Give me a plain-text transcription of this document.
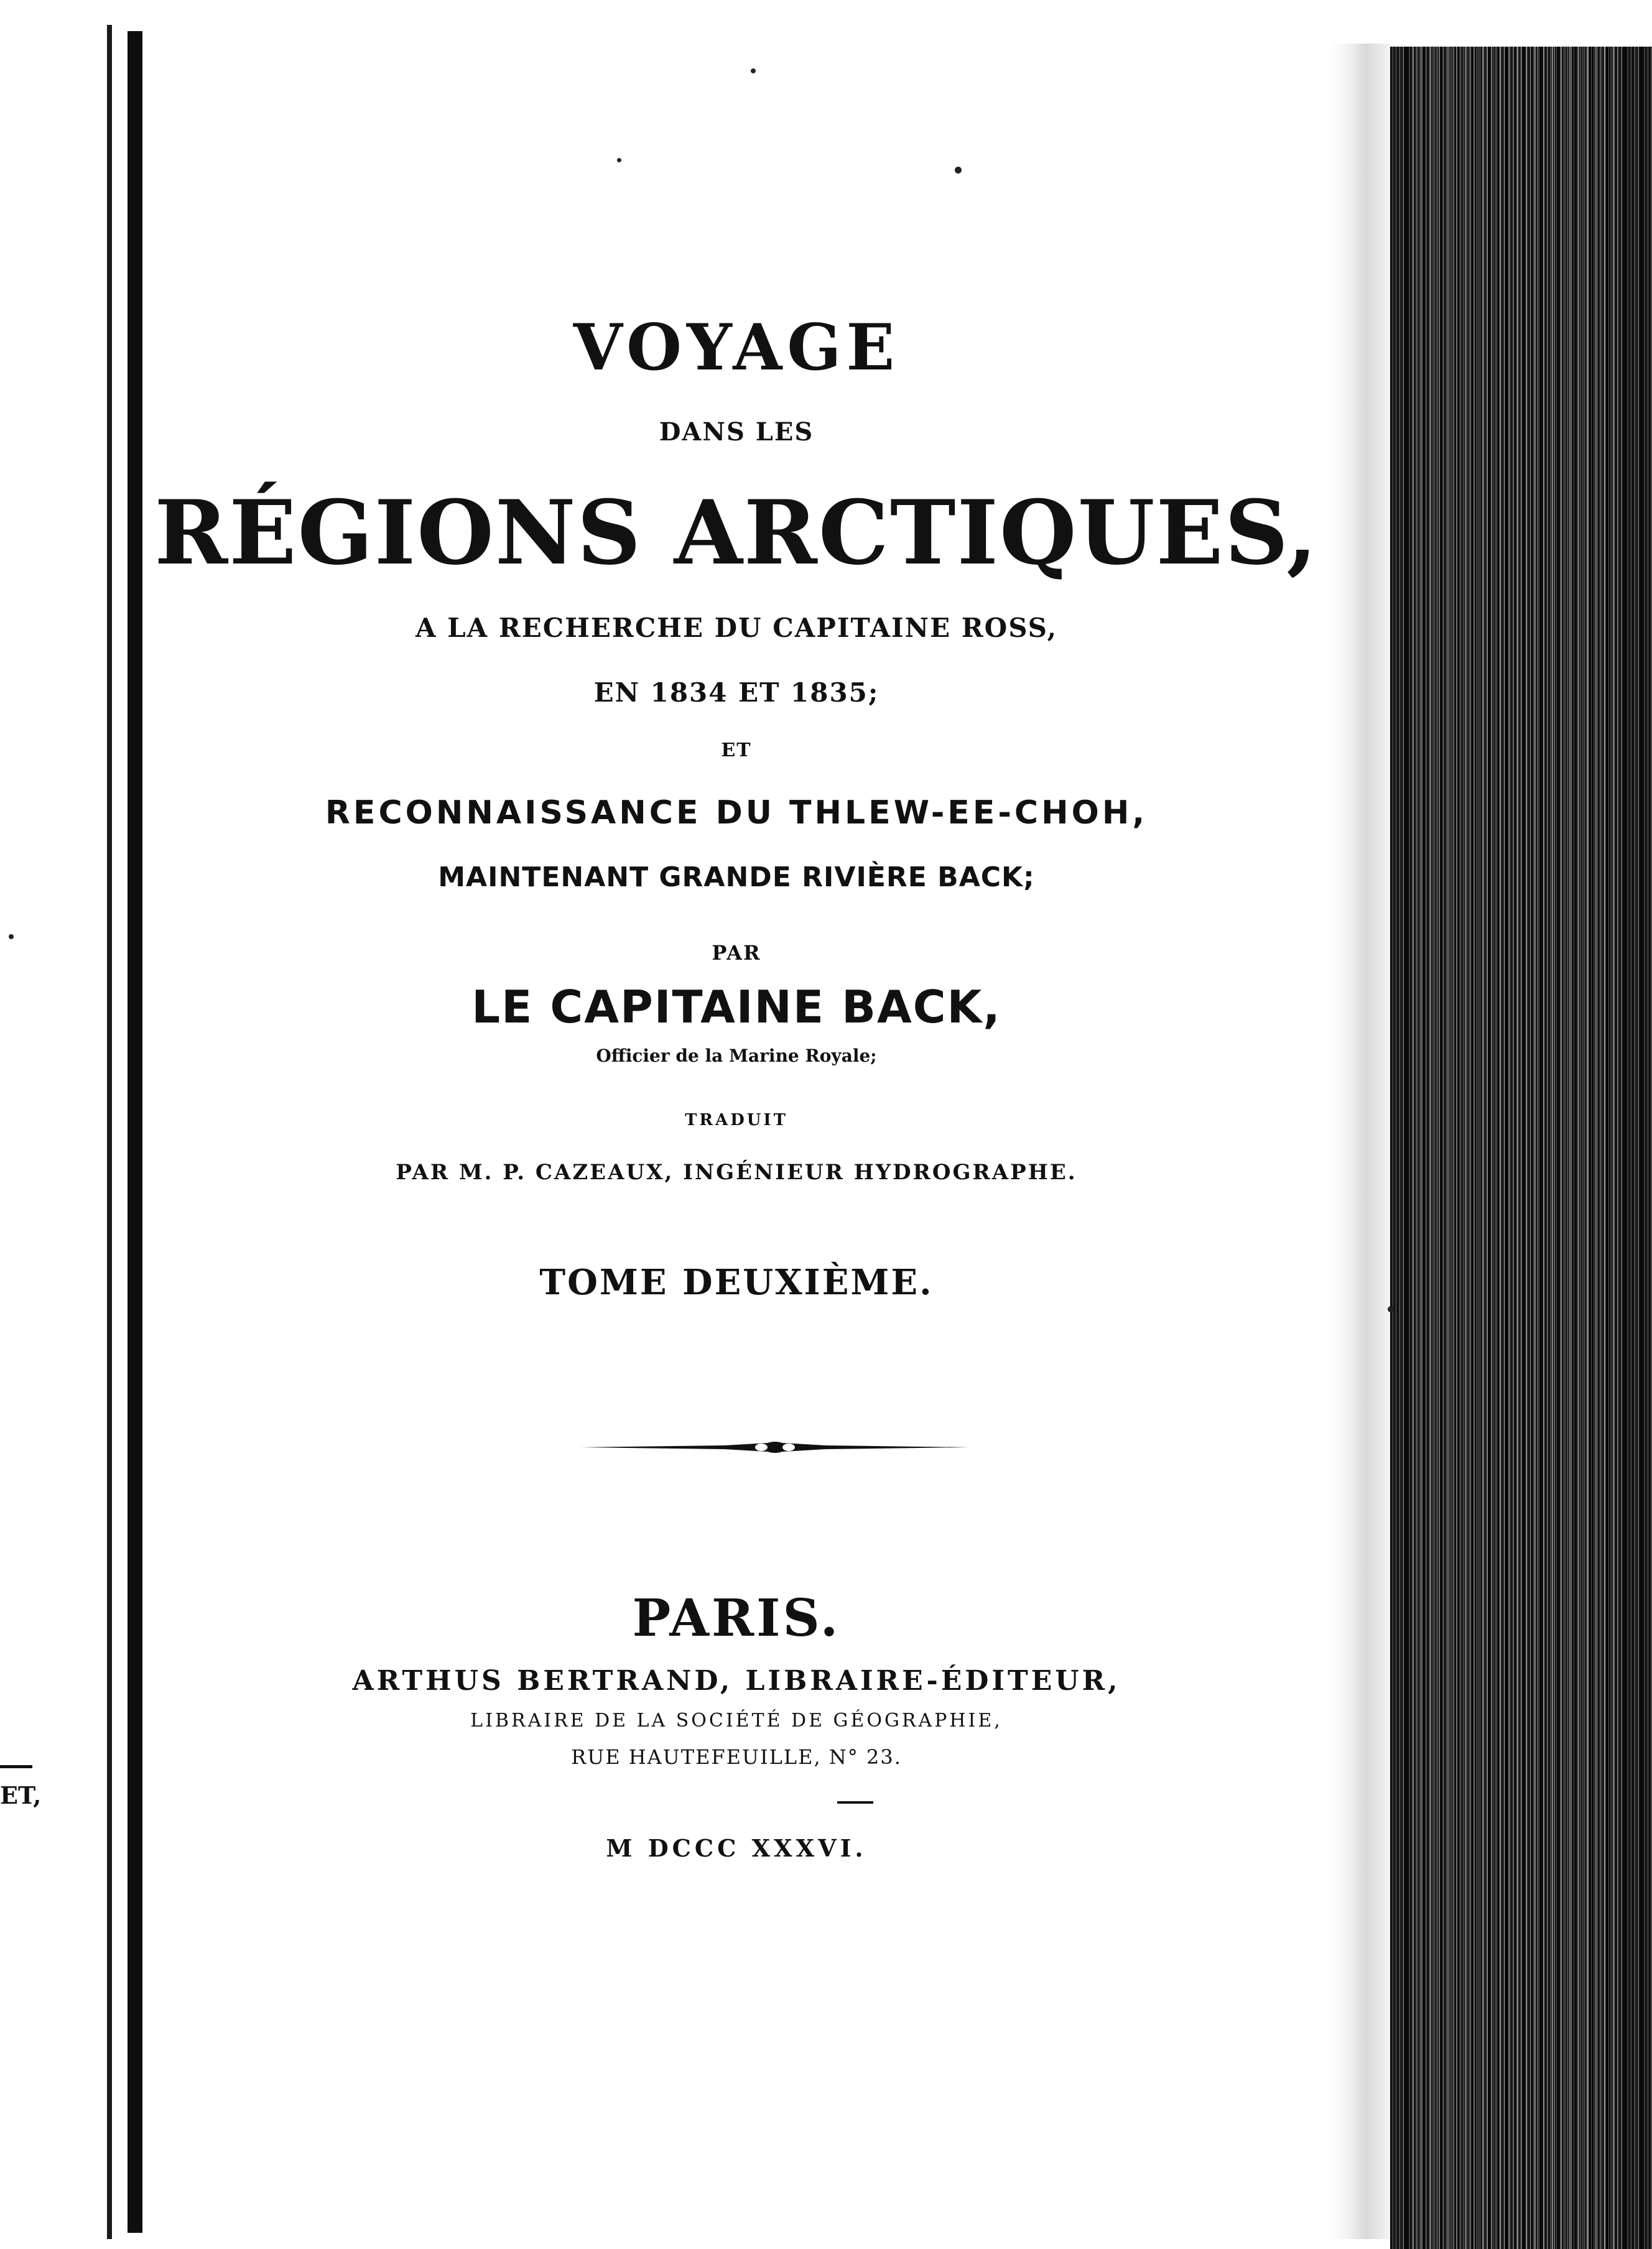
ET,
VOYAGE
DANS LES
RÉGIONS ARCTIQUES,
A LA RECHERCHE DU CAPITAINE ROSS,
EN 1834 ET 1835;
ET
RECONNAISSANCE DU THLEW-EE-CHOH,
MAINTENANT GRANDE RIVIÈRE BACK;
PAR
LE CAPITAINE BACK,
Officier de la Marine Royale;
TRADUIT
PAR M. P. CAZEAUX, INGÉNIEUR HYDROGRAPHE.
TOME DEUXIÈME.
PARIS.
ARTHUS BERTRAND, LIBRAIRE-ÉDITEUR,
LIBRAIRE DE LA SOCIÉTÉ DE GÉOGRAPHIE,
RUE HAUTEFEUILLE, N° 23.
M DCCC XXXVI.
